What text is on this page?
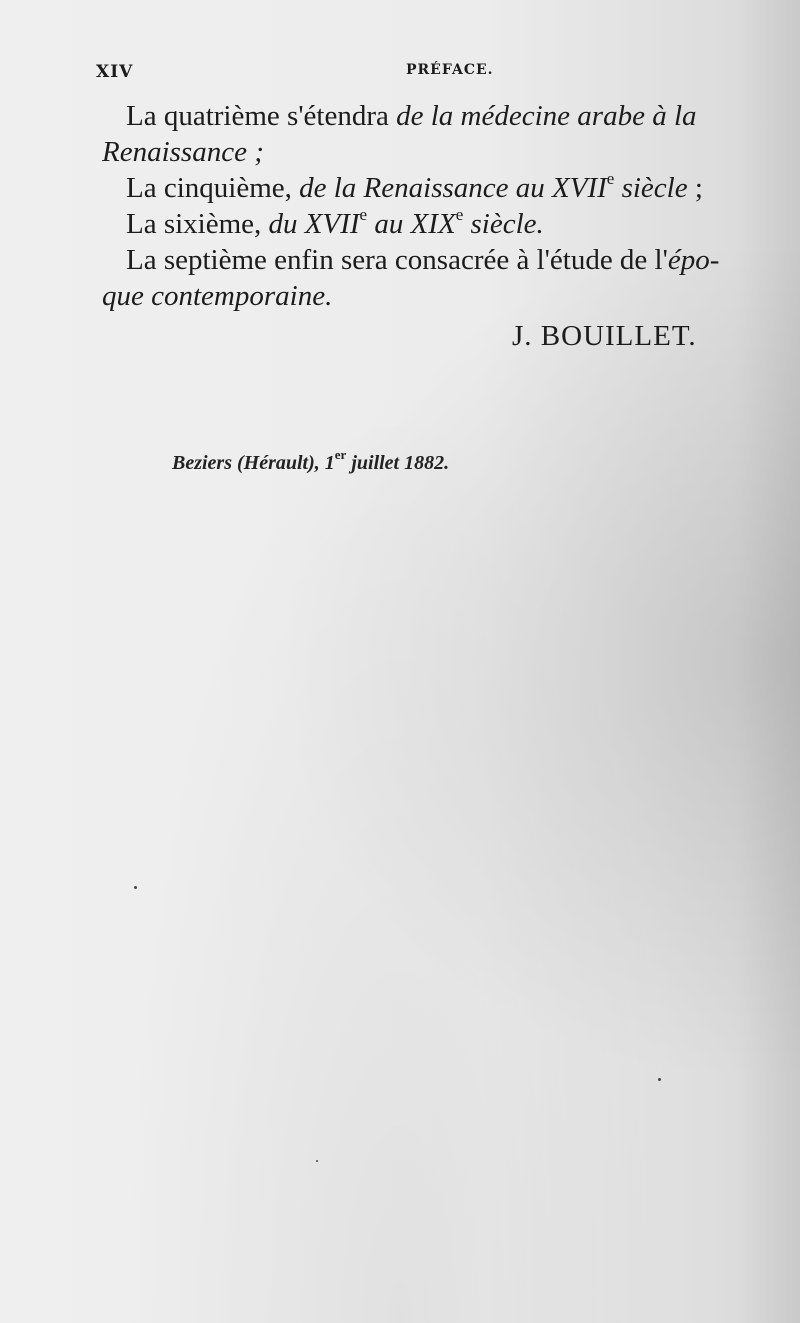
XIV	PRÉFACE.
La quatrième s'étendra de la médecine arabe à la
Renaissance ;
La cinquième, de la Renaissance au XVIIe siècle ;
La sixième, du XVIIe au XIXe siècle.
La septième enfin sera consacrée à l'étude de l'épo-
que contemporaine.
J. BOUILLET.
Beziers (Hérault), 1er juillet 1882.
